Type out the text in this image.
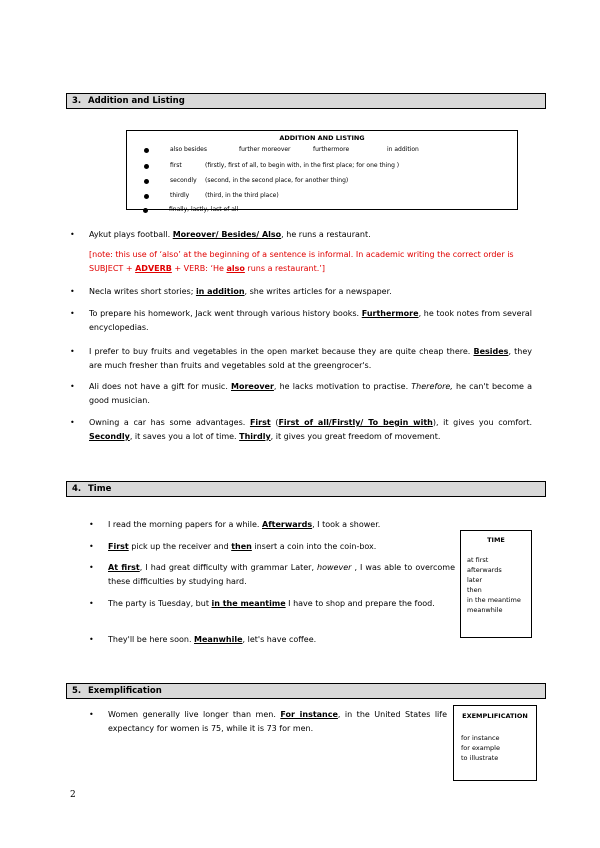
3. Addition and Listing
ADDITION AND LISTING
also besides	further moreover	furthermore	in addition
first	(firstly, first of all, to begin with, in the first place; for one thing )
secondly (second, in the second place, for another thing)
thirdly	(third, in the third place)
finally, lastly, last of all
• Aykut plays football. Moreover/ Besides/ Also, he runs a restaurant.
[note: this use of ‘also’ at the beginning of a sentence is informal. In academic writing the correct order is SUBJECT + ADVERB + VERB: ‘He also runs a restaurant.’]
• Necla writes short stories; in addition, she writes articles for a newspaper.
• To prepare his homework, Jack went through various history books. Furthermore, he took notes from several encyclopedias.
• I prefer to buy fruits and vegetables in the open market because they are quite cheap there. Besides, they are much fresher than fruits and vegetables sold at the greengrocer's.
• Ali does not have a gift for music. Moreover, he lacks motivation to practise. Therefore, he can't become a good musician.
• Owning a car has some advantages. First (First of all/Firstly/ To begin with), it gives you comfort. Secondly, it saves you a lot of time. Thirdly, it gives you great freedom of movement.
4. Time
• I read the morning papers for a while. Afterwards, I took a shower.
• First pick up the receiver and then insert a coin into the coin-box.
• At first, I had great difficulty with grammar Later, however , I was able to overcome these difficulties by studying hard.
• The party is Tuesday, but in the meantime I have to shop and prepare the food.
• They'll be here soon. Meanwhile, let's have coffee.
TIME
at first
afterwards
later
then
in the meantime
meanwhile
5. Exemplification
• Women generally live longer than men. For instance, in the United States life expectancy for women is 75, while it is 73 for men.
EXEMPLIFICATION
for instance
for example
to illustrate
2
